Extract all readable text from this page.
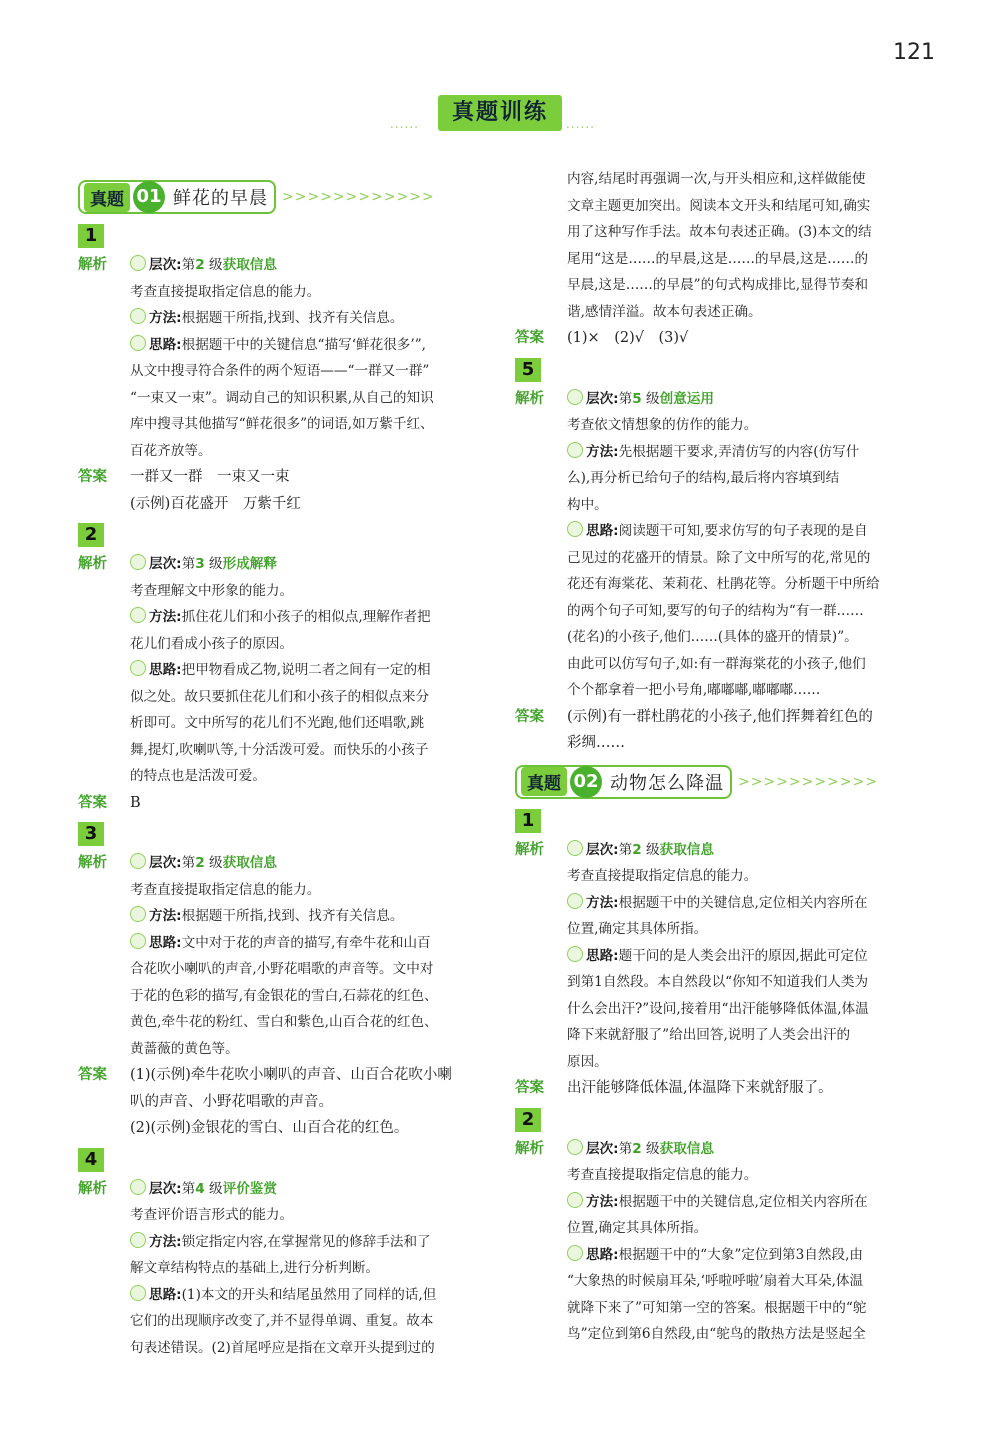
121
......	真题训练	......
真题 01 鲜花的早晨 >>>>>>>>>>>>
1
解析	层次:第2 级获取信息
考查直接提取指定信息的能力。
方法:根据题干所指,找到、找齐有关信息。
思路:根据题干中的关键信息“描写‘鲜花很多’”,
从文中搜寻符合条件的两个短语——“一群又一群”
“一束又一束”。调动自己的知识积累,从自己的知识
库中搜寻其他描写“鲜花很多”的词语,如万紫千红、
百花齐放等。
答案	一群又一群　一束又一束
(示例)百花盛开　万紫千红
2
解析	层次:第3 级形成解释
考查理解文中形象的能力。
方法:抓住花儿们和小孩子的相似点,理解作者把
花儿们看成小孩子的原因。
思路:把甲物看成乙物,说明二者之间有一定的相
似之处。故只要抓住花儿们和小孩子的相似点来分
析即可。文中所写的花儿们不光跑,他们还唱歌,跳
舞,提灯,吹喇叭等,十分活泼可爱。而快乐的小孩子
的特点也是活泼可爱。
答案	B
3
解析	层次:第2 级获取信息
考查直接提取指定信息的能力。
方法:根据题干所指,找到、找齐有关信息。
思路:文中对于花的声音的描写,有牵牛花和山百
合花吹小喇叭的声音,小野花唱歌的声音等。文中对
于花的色彩的描写,有金银花的雪白,石蒜花的红色、
黄色,牵牛花的粉红、雪白和紫色,山百合花的红色、
黄蔷薇的黄色等。
答案	(1)(示例)牵牛花吹小喇叭的声音、山百合花吹小喇
叭的声音、小野花唱歌的声音。
(2)(示例)金银花的雪白、山百合花的红色。
4
解析	层次:第4 级评价鉴赏
考查评价语言形式的能力。
方法:锁定指定内容,在掌握常见的修辞手法和了
解文章结构特点的基础上,进行分析判断。
思路:(1)本文的开头和结尾虽然用了同样的话,但
它们的出现顺序改变了,并不显得单调、重复。故本
句表述错误。(2)首尾呼应是指在文章开头提到过的
内容,结尾时再强调一次,与开头相应和,这样做能使
文章主题更加突出。阅读本文开头和结尾可知,确实
用了这种写作手法。故本句表述正确。(3)本文的结
尾用“这是……的早晨,这是……的早晨,这是……的
早晨,这是……的早晨”的句式构成排比,显得节奏和
谐,感情洋溢。故本句表述正确。
答案	(1)×　(2)√　(3)√
5
解析	层次:第5 级创意运用
考查依文情想象的仿作的能力。
方法:先根据题干要求,弄清仿写的内容(仿写什
么),再分析已给句子的结构,最后将内容填到结
构中。
思路:阅读题干可知,要求仿写的句子表现的是自
己见过的花盛开的情景。除了文中所写的花,常见的
花还有海棠花、茉莉花、杜鹃花等。分析题干中所给
的两个句子可知,要写的句子的结构为“有一群……
(花名)的小孩子,他们……(具体的盛开的情景)”。
由此可以仿写句子,如:有一群海棠花的小孩子,他们
个个都拿着一把小号角,嘟嘟嘟,嘟嘟嘟……
答案	(示例)有一群杜鹃花的小孩子,他们挥舞着红色的
彩绸……
真题 02 动物怎么降温 >>>>>>>>>>>
1
解析	层次:第2 级获取信息
考查直接提取指定信息的能力。
方法:根据题干中的关键信息,定位相关内容所在
位置,确定其具体所指。
思路:题干问的是人类会出汗的原因,据此可定位
到第1自然段。本自然段以“你知不知道我们人类为
什么会出汗?”设问,接着用“出汗能够降低体温,体温
降下来就舒服了”给出回答,说明了人类会出汗的
原因。
答案	出汗能够降低体温,体温降下来就舒服了。
2
解析	层次:第2 级获取信息
考查直接提取指定信息的能力。
方法:根据题干中的关键信息,定位相关内容所在
位置,确定其具体所指。
思路:根据题干中的“大象”定位到第3自然段,由
“大象热的时候扇耳朵,‘呼啦呼啦’扇着大耳朵,体温
就降下来了”可知第一空的答案。根据题干中的“鸵
鸟”定位到第6自然段,由“鸵鸟的散热方法是竖起全
